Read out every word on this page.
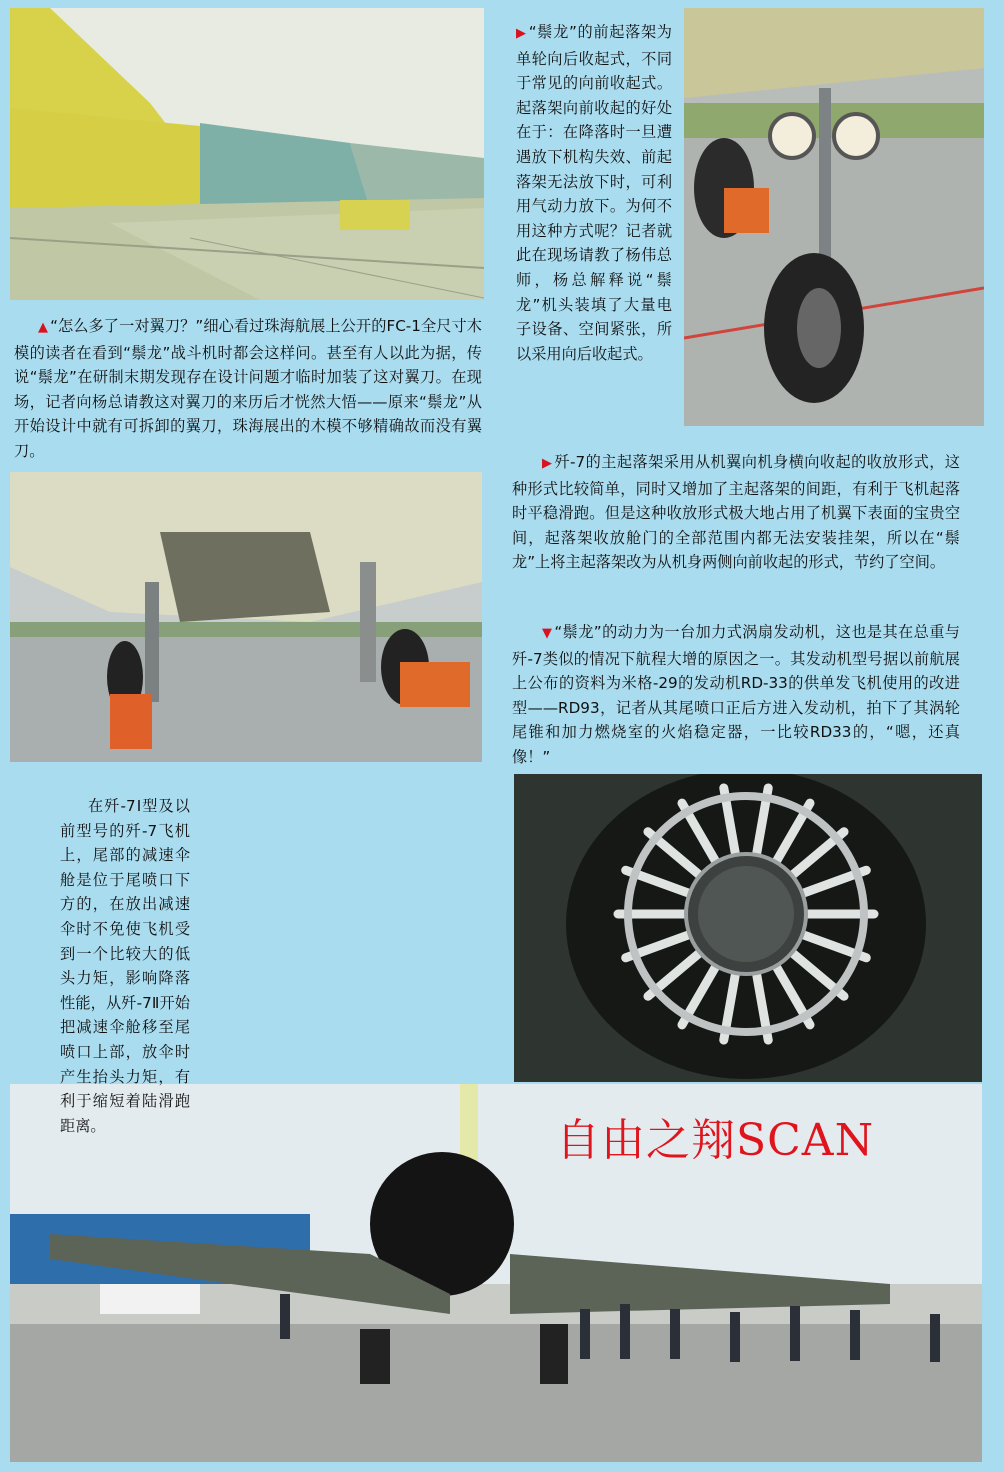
▶ “鬃龙”的前起落架为单轮向后收起式，不同于常见的向前收起式。起落架向前收起的好处在于：在降落时一旦遭遇放下机构失效、前起落架无法放下时，可利用气动力放下。为何不用这种方式呢？记者就此在现场请教了杨伟总师，杨总解释说“鬃龙”机头装填了大量电子设备、空间紧张，所以采用向后收起式。

▲ “怎么多了一对翼刀？”细心看过珠海航展上公开的FC-1全尺寸木模的读者在看到“鬃龙”战斗机时都会这样问。甚至有人以此为据，传说“鬃龙”在研制末期发现存在设计问题才临时加装了这对翼刀。在现场，记者向杨总请教这对翼刀的来历后才恍然大悟——原来“鬃龙”从开始设计中就有可拆卸的翼刀，珠海展出的木模不够精确故而没有翼刀。

▶ 歼-7的主起落架采用从机翼向机身横向收起的收放形式，这种形式比较简单，同时又增加了主起落架的间距，有利于飞机起落时平稳滑跑。但是这种收放形式极大地占用了机翼下表面的宝贵空间，起落架收放舱门的全部范围内都无法安装挂架，所以在“鬃龙”上将主起落架改为从机身两侧向前收起的形式，节约了空间。

▼ “鬃龙”的动力为一台加力式涡扇发动机，这也是其在总重与歼-7类似的情况下航程大增的原因之一。其发动机型号据以前航展上公布的资料为米格-29的发动机RD-33的供单发飞机使用的改进型——RD93，记者从其尾喷口正后方进入发动机，拍下了其涡轮尾锥和加力燃烧室的火焰稳定器，一比较RD33的，“嗯，还真像！”

在歼-7Ⅰ型及以前型号的歼-7飞机上，尾部的减速伞舱是位于尾喷口下方的，在放出减速伞时不免使飞机受到一个比较大的低头力矩，影响降落性能，从歼-7Ⅱ开始把减速伞舱移至尾喷口上部，放伞时产生抬头力矩，有利于缩短着陆滑跑距离。	自由之翔SCAN
